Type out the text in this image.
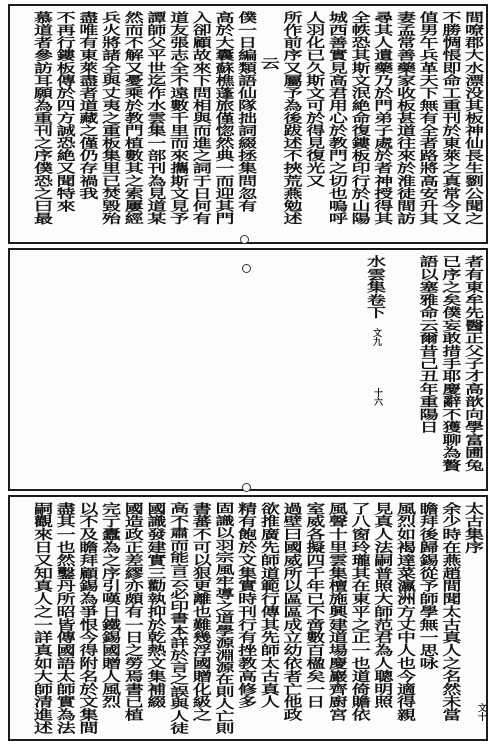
間嘹郡大水漂没其板神仙長生劉公聞之
不勝惆悵即命工重刊於東萊之真常今又
值男午兵革天下無有全者路將高安升其
妻孟常善藥家收板甚道往來於淮徒間訪
尋其人遺藥乃於門弟子處於者神授得其
全帙恐其斯文泯絶命復鏤板印行於山陽
城西善實見高君用心於教門之切也嗚呼
人羽化已久斯文可於得見復光又
所作前序又屬予為後跋述不挾荒燕勉述
云
僕一日編類語仙隊拙詞綴拯集問忽有
高於大囊蘇樵蓬旅僅惚然典一而迎其門
入卻顧故來下問相與而進之詞于日何有
道友張志全不遠數千里而來攜斯文見予
譚師父平世迄作水雲集一部刊為見道某
然而不解又憂乘於教門植數其之索屢經
兵火將諸全與丈夷之重板集里已焚毀殆
盡唯有東萊盡者道藏之僅仍存禍我
不再行鏤板傳於四方誠恐絶又聞特來
慕道者參訪耳願為重刊之序僕恐之曰最
者有東牟先醫正父子才高歆向學富圃兔
已序之矣僕妄敢措手耶慶辭不獲聊為贅
語以塞雅命云爾昔己丑年重陽日
水雲集卷下
文九
十六
太古集序
余少時在燕趙間聞太古真人之名然未當
瞻拜後歸錫從予師學無一思咏
風烈如褐達菜瀛洲方丈中人也今適得親
見真人法嗣普照大師范君為人聰明照
了八窗玲瓏其在東平之正一也道倚贍依
風聲十里雲集檀施興建道場慶巖齊廚宮
室威各擬四千年已不啻數百楹矣一日
過壁曰國威所以區區成立幼依者亡他政
欲推廣先師道範行傳其先師太古真人
精有飽於文集實時刊行有挫教高修多
固識以羽宗風牢導之道學源淵源在則人亡則
書蕃不可以狠更離也難幾浮國贈化級之
高不肅而能言云必印書本詳於言之誤與人徒
國識發建實三勸執抑於乾熱文集補綴
國造政正差繆亦頗有一日之勞焉書已植
完亍蠹為之序引嘆日鐵錫國贈人風烈
以不及瞻拜顧錫為爭恨今得附名於文集間
盡其一也然鑿丹所昭皆傳國語太師實為法
嗣觀來日又知真人之一詳真如大師清進述	文十
